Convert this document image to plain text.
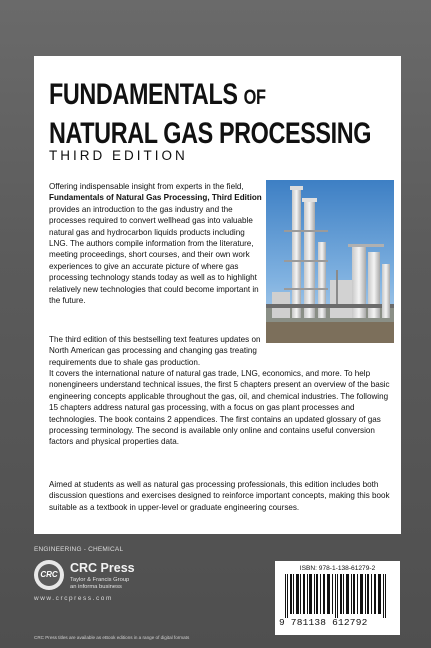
FUNDAMENTALS OF
NATURAL GAS PROCESSING
THIRD EDITION
Offering indispensable insight from experts in the field, Fundamentals of Natural Gas Processing, Third Edition provides an introduction to the gas industry and the processes required to convert wellhead gas into valuable natural gas and hydrocarbon liquids products including LNG. The authors compile information from the literature, meeting proceedings, short courses, and their own work experiences to give an accurate picture of where gas processing technology stands today as well as to highlight relatively new technologies that could become important in the future.
The third edition of this bestselling text features updates on North American gas processing and changing gas treating requirements due to shale gas production.
It covers the international nature of natural gas trade, LNG, economics, and more. To help nonengineers understand technical issues, the first 5 chapters present an overview of the basic engineering concepts applicable throughout the gas, oil, and chemical industries. The following 15 chapters address natural gas processing, with a focus on gas plant processes and technologies. The book contains 2 appendices. The first contains an updated glossary of gas processing terminology. The second is available only online and contains useful conversion factors and physical properties data.
Aimed at students as well as natural gas processing professionals, this edition includes both discussion questions and exercises designed to reinforce important concepts, making this book suitable as a textbook in upper-level or graduate engineering courses.
ENGINEERING - CHEMICAL
CRC CRC Press
Taylor & Francis Group
an informa business
www.crcpress.com
CRC Press titles are available as eBook editions in a range of digital formats
ISBN: 978-1-138-61279-2
9 781138 612792
